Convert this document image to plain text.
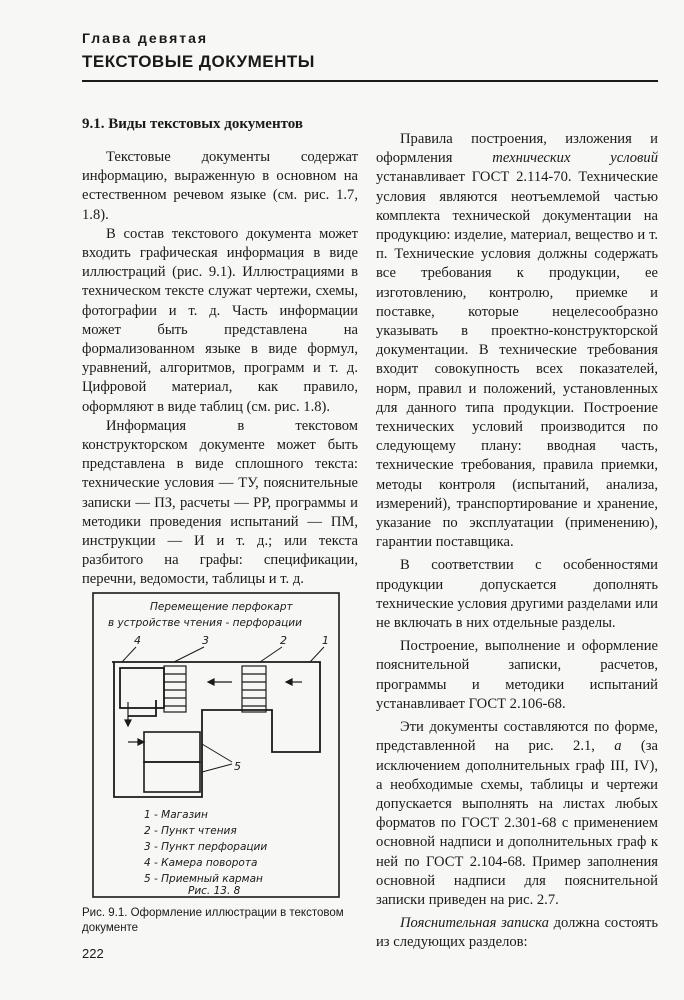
Глава девятая
ТЕКСТОВЫЕ ДОКУМЕНТЫ
9.1. Виды текстовых документов

Текстовые документы содержат информацию, выраженную в основном на естественном речевом языке (см. рис. 1.7, 1.8).

В состав текстового документа может входить графическая информация в виде иллюстраций (рис. 9.1). Иллюстрациями в техническом тексте служат чертежи, схемы, фотографии и т. д. Часть информации может быть представлена на формализованном языке в виде формул, уравнений, алгоритмов, программ и т. д. Цифровой материал, как правило, оформляют в виде таблиц (см. рис. 1.8).

Информация в текстовом конструкторском документе может быть представлена в виде сплошного текста: технические условия — ТУ, пояснительные записки — ПЗ, расчеты — РР, программы и методики проведения испытаний — ПМ, инструкции — И и т. д.; или текста разбитого на графы: спецификации, перечни, ведомости, таблицы и т. д.

Правила построения, изложения и оформления технических условий устанавливает ГОСТ 2.114-70. Технические условия являются неотъемлемой частью комплекта технической документации на продукцию: изделие, материал, вещество и т. п. Технические условия должны содержать все требования к продукции, ее изготовлению, контролю, приемке и поставке, которые нецелесообразно указывать в проектно-конструкторской документации. В технические требования входит совокупность всех показателей, норм, правил и положений, установленных для данного типа продукции. Построение технических условий производится по следующему плану: вводная часть, технические требования, правила приемки, методы контроля (испытаний, анализа, измерений), транспортирование и хранение, указание по эксплуатации (применению), гарантии поставщика.

В соответствии с особенностями продукции допускается дополнять технические условия другими разделами или не включать в них отдельные разделы.

Построение, выполнение и оформление пояснительной записки, расчетов, программы и методики испытаний устанавливает ГОСТ 2.106-68.

Эти документы составляются по форме, представленной на рис. 2.1, а (за исключением дополнительных граф III, IV), а необходимые схемы, таблицы и чертежи допускается выполнять на листах любых форматов по ГОСТ 2.301-68 с применением основной надписи и дополнительных граф к ней по ГОСТ 2.104-68. Пример заполнения основной надписи для пояснительной записки приведен на рис. 2.7.

Пояснительная записка должна состоять из следующих разделов:

Перемещение перфокарт
в устройстве чтения - перфорации
4	3	2	1
5
1 - Магазин
2 - Пункт чтения
3 - Пункт перфорации
4 - Камера поворота
5 - Приемный карман
Рис. 13. 8
Рис. 9.1. Оформление иллюстрации в текстовом документе
222
